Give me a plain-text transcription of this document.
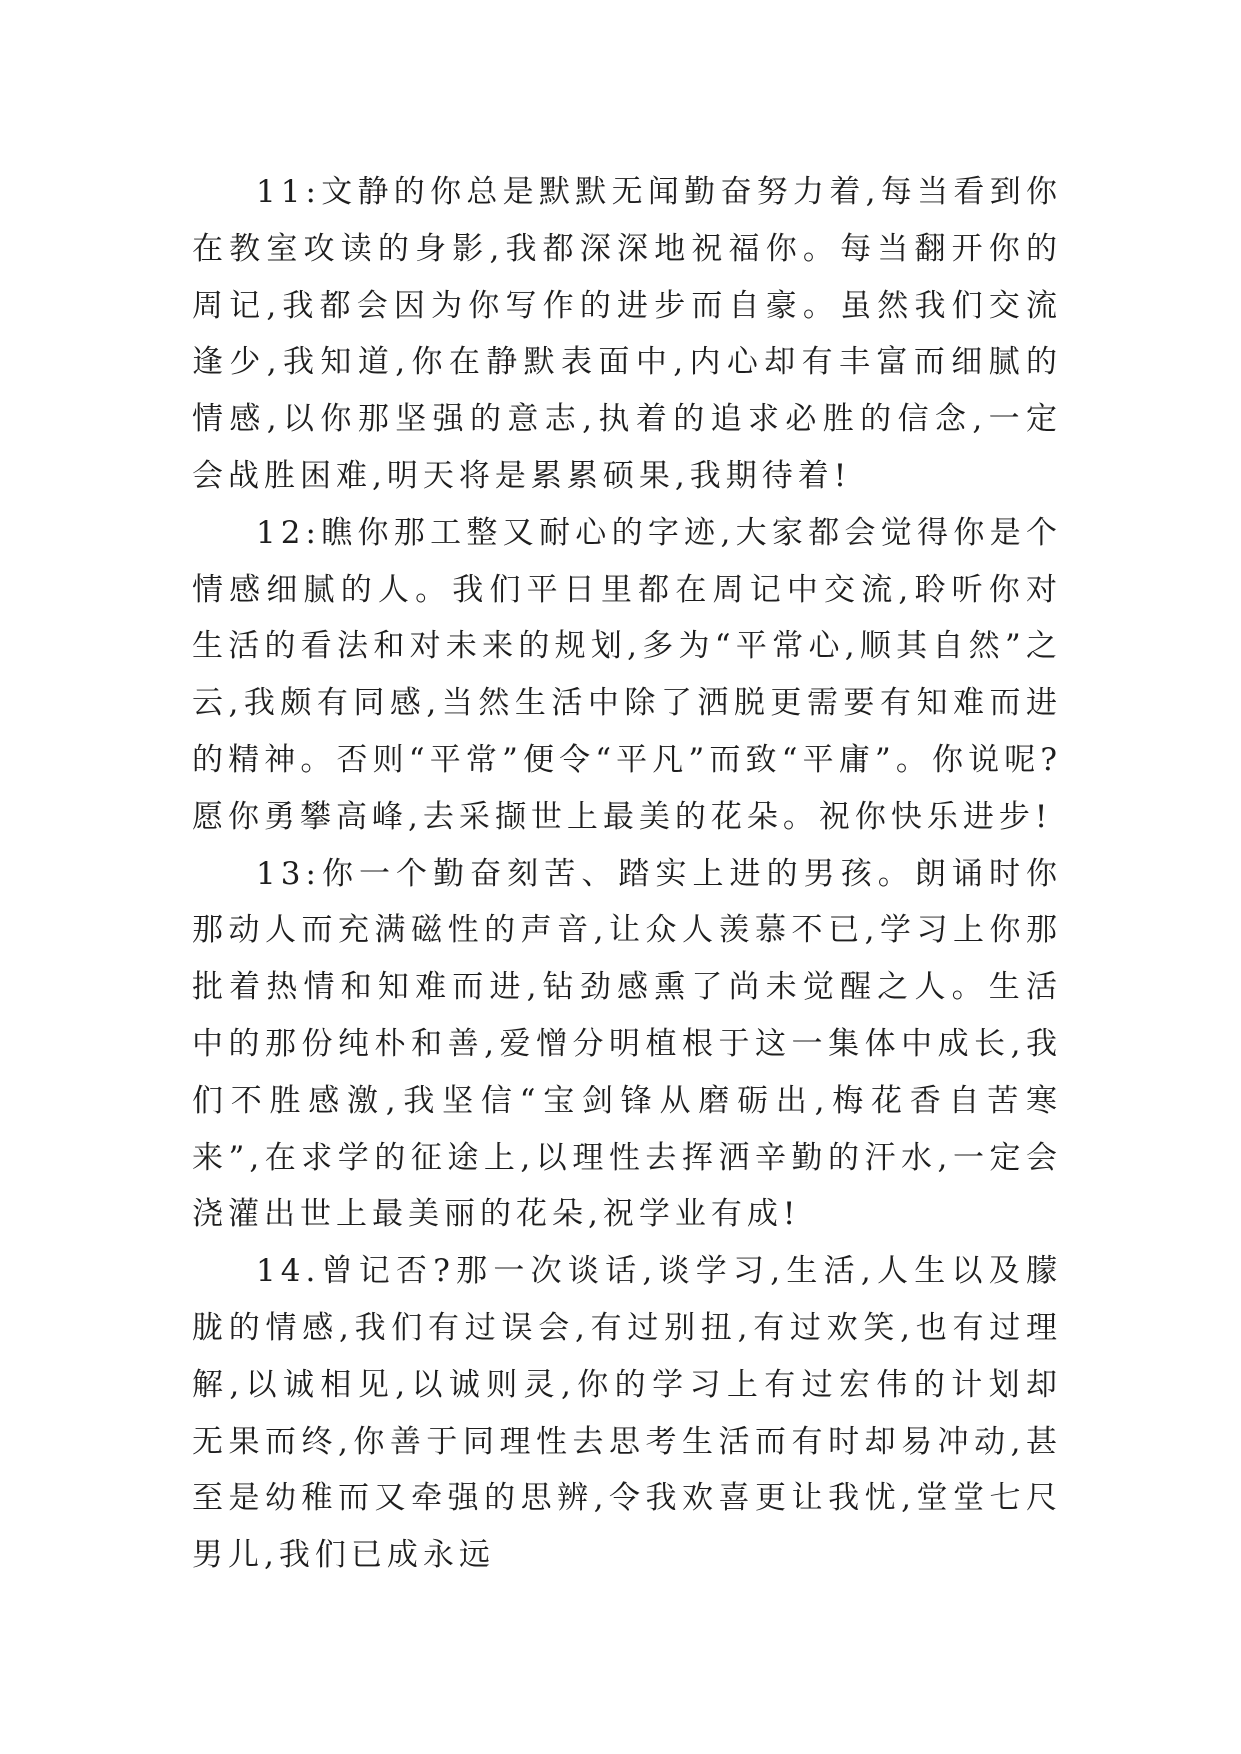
11:文静的你总是默默无闻勤奋努力着,每当看到你在教室攻读的身影,我都深深地祝福你。每当翻开你的周记,我都会因为你写作的进步而自豪。虽然我们交流逢少,我知道,你在静默表面中,内心却有丰富而细腻的情感,以你那坚强的意志,执着的追求必胜的信念,一定会战胜困难,明天将是累累硕果,我期待着!

12:瞧你那工整又耐心的字迹,大家都会觉得你是个情感细腻的人。我们平日里都在周记中交流,聆听你对生活的看法和对未来的规划,多为“平常心,顺其自然”之云,我颇有同感,当然生活中除了洒脱更需要有知难而进的精神。否则“平常”便令“平凡”而致“平庸”。你说呢?愿你勇攀高峰,去采撷世上最美的花朵。祝你快乐进步!

13:你一个勤奋刻苦、踏实上进的男孩。朗诵时你那动人而充满磁性的声音,让众人羡慕不已,学习上你那批着热情和知难而进,钻劲感熏了尚未觉醒之人。生活中的那份纯朴和善,爱憎分明植根于这一集体中成长,我们不胜感激,我坚信“宝剑锋从磨砺出,梅花香自苦寒来”,在求学的征途上,以理性去挥洒辛勤的汗水,一定会浇灌出世上最美丽的花朵,祝学业有成!

14.曾记否?那一次谈话,谈学习,生活,人生以及朦胧的情感,我们有过误会,有过别扭,有过欢笑,也有过理解,以诚相见,以诚则灵,你的学习上有过宏伟的计划却无果而终,你善于同理性去思考生活而有时却易冲动,甚至是幼稚而又牵强的思辨,令我欢喜更让我忧,堂堂七尺男儿,我们已成永远
